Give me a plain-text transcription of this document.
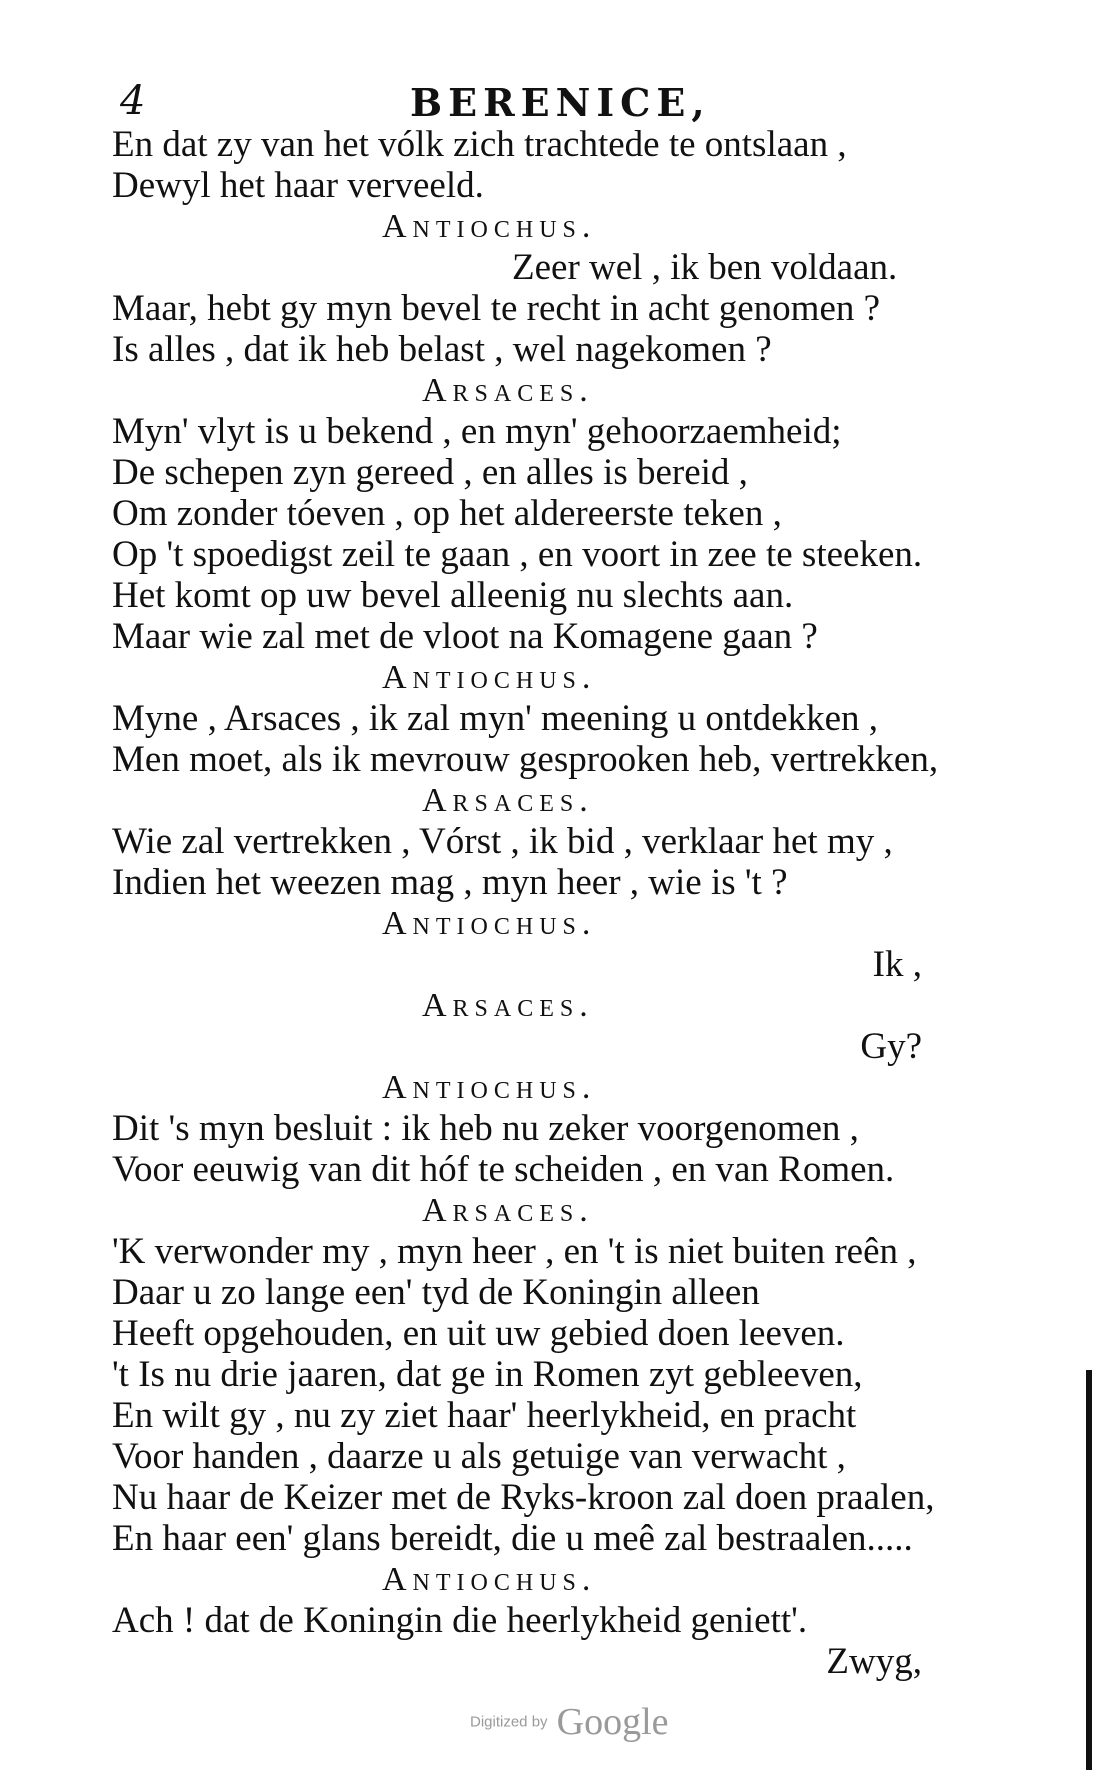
4	BERENICE,
En dat zy van het vólk zich trachtede te ontslaan ,
Dewyl het haar verveeld.
Antiochus.
Zeer wel , ik ben voldaan.
Maar, hebt gy myn bevel te recht in acht genomen ?
Is alles , dat ik heb belast , wel nagekomen ?
Arsaces.
Myn' vlyt is u bekend , en myn' gehoorzaemheid;
De schepen zyn gereed , en alles is bereid ,
Om zonder tóeven , op het aldereerste teken ,
Op 't spoedigst zeil te gaan , en voort in zee te steeken.
Het komt op uw bevel alleenig nu slechts aan.
Maar wie zal met de vloot na Komagene gaan ?
Antiochus.
Myne , Arsaces , ik zal myn' meening u ontdekken ,
Men moet, als ik mevrouw gesprooken heb, vertrekken,
Arsaces.
Wie zal vertrekken , Vórst , ik bid , verklaar het my ,
Indien het weezen mag , myn heer , wie is 't ?
Antiochus.
Ik ,
Arsaces.
Gy?
Antiochus.
Dit 's myn besluit : ik heb nu zeker voorgenomen ,
Voor eeuwig van dit hóf te scheiden , en van Romen.
Arsaces.
'K verwonder my , myn heer , en 't is niet buiten reên ,
Daar u zo lange een' tyd de Koningin alleen
Heeft opgehouden, en uit uw gebied doen leeven.
't Is nu drie jaaren, dat ge in Romen zyt gebleeven,
En wilt gy , nu zy ziet haar' heerlykheid, en pracht
Voor handen , daarze u als getuige van verwacht ,
Nu haar de Keizer met de Ryks-kroon zal doen praalen,
En haar een' glans bereidt, die u meê zal bestraalen.....
Antiochus.
Ach ! dat de Koningin die heerlykheid geniett'.
Zwyg,
Digitized by Google
